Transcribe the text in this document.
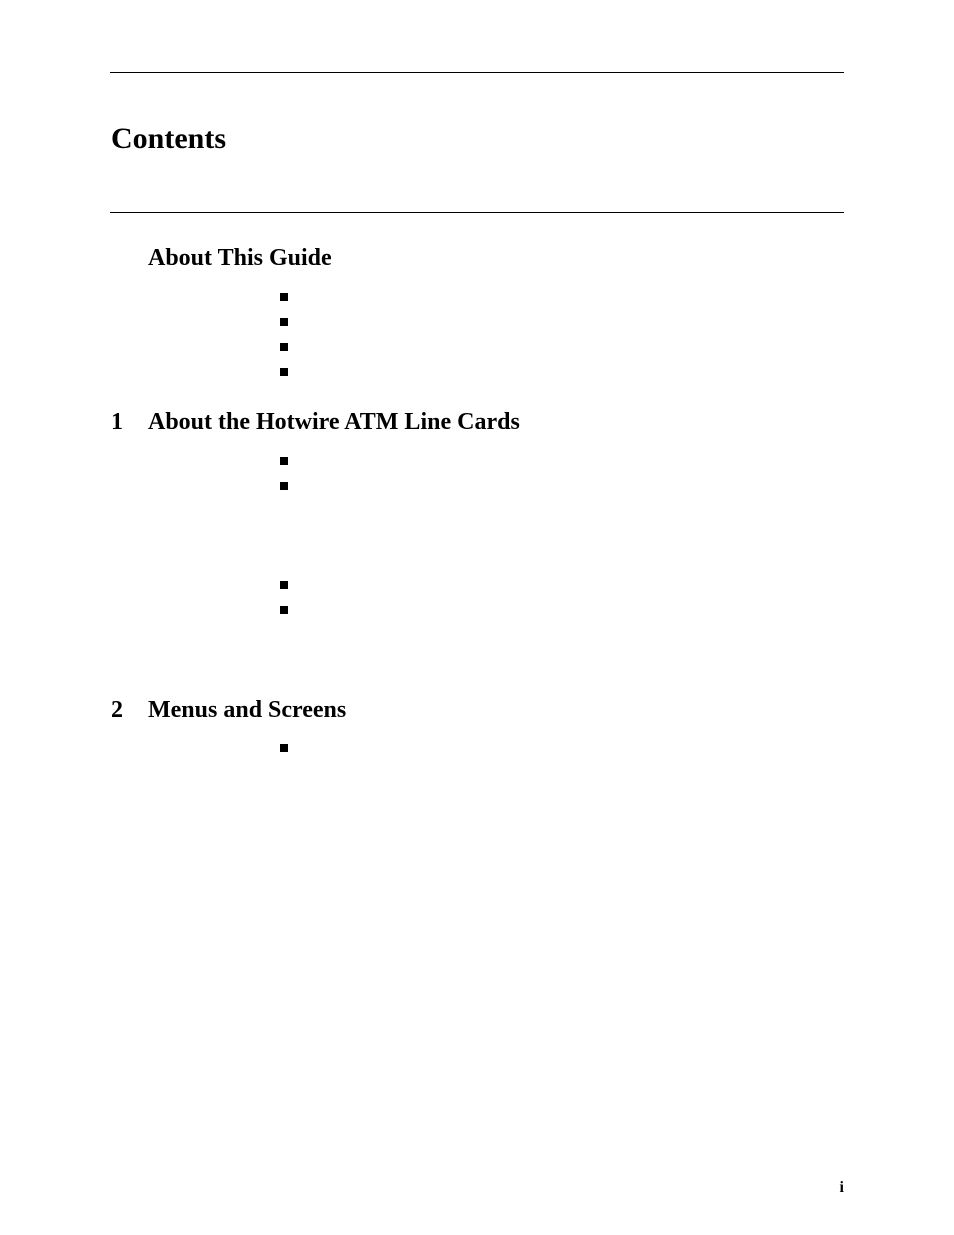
Contents
About This Guide
1 About the Hotwire ATM Line Cards
2 Menus and Screens
i
